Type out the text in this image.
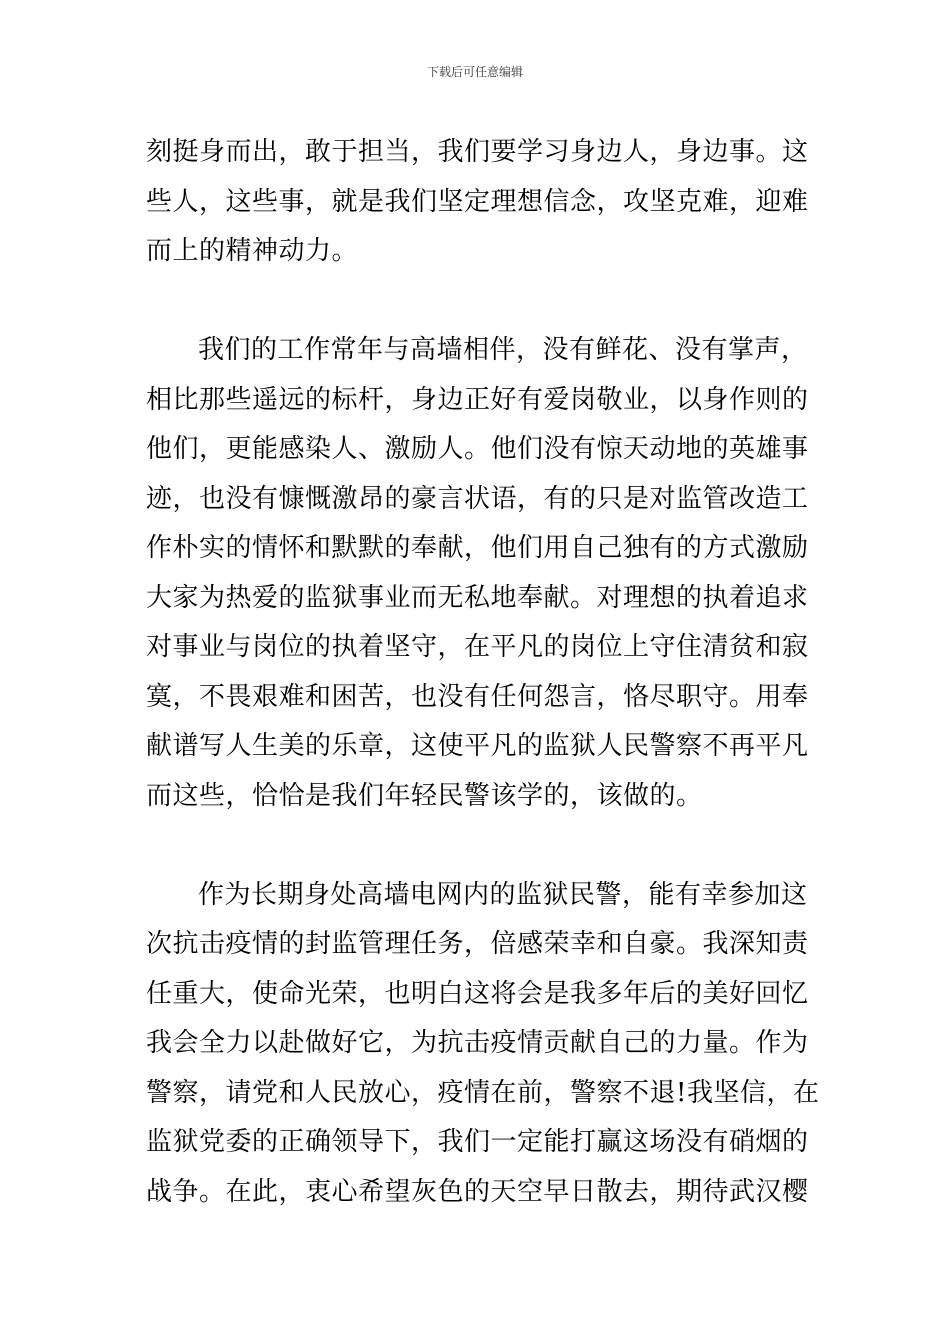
下载后可任意编辑

刻挺身而出，敢于担当，我们要学习身边人，身边事。这
些人，这些事，就是我们坚定理想信念，攻坚克难，迎难
而上的精神动力。

我们的工作常年与高墙相伴，没有鲜花、没有掌声，
相比那些遥远的标杆，身边正好有爱岗敬业，以身作则的
他们，更能感染人、激励人。他们没有惊天动地的英雄事
迹，也没有慷慨激昂的豪言状语，有的只是对监管改造工
作朴实的情怀和默默的奉献，他们用自己独有的方式激励
大家为热爱的监狱事业而无私地奉献。对理想的执着追求
对事业与岗位的执着坚守，在平凡的岗位上守住清贫和寂
寞，不畏艰难和困苦，也没有任何怨言，恪尽职守。用奉
献谱写人生美的乐章，这使平凡的监狱人民警察不再平凡
而这些，恰恰是我们年轻民警该学的，该做的。

作为长期身处高墙电网内的监狱民警，能有幸参加这
次抗击疫情的封监管理任务，倍感荣幸和自豪。我深知责
任重大，使命光荣，也明白这将会是我多年后的美好回忆
我会全力以赴做好它，为抗击疫情贡献自己的力量。作为
警察，请党和人民放心，疫情在前，警察不退!我坚信，在
监狱党委的正确领导下，我们一定能打赢这场没有硝烟的
战争。在此，衷心希望灰色的天空早日散去，期待武汉樱
